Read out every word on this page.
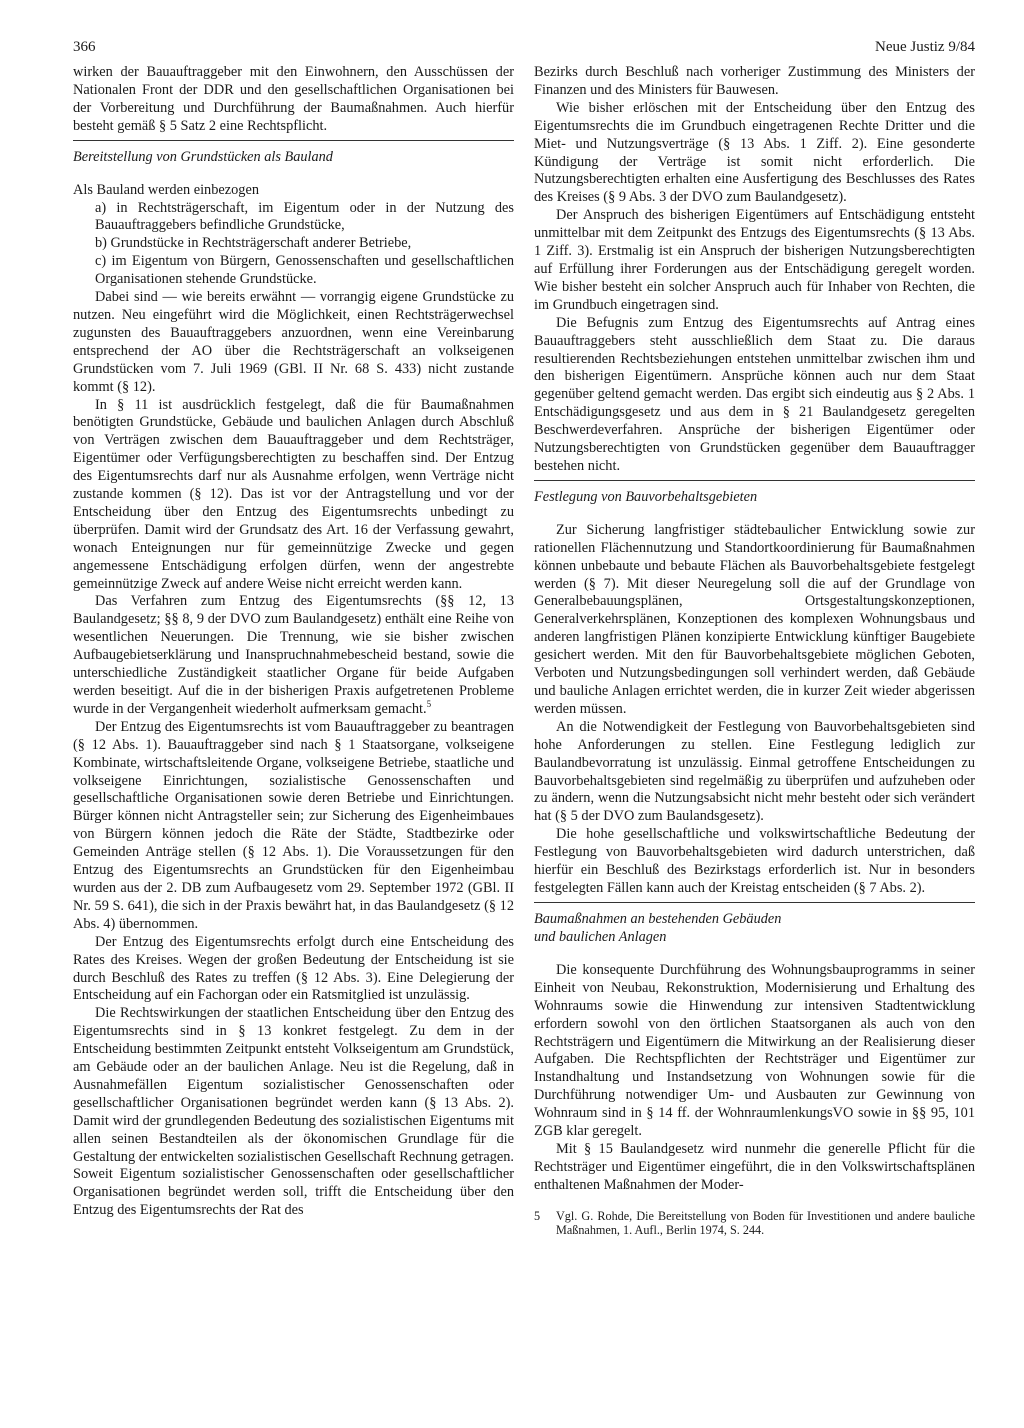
366	Neue Justiz 9/84

wirken der Bauauftraggeber mit den Einwohnern, den Ausschüssen der Nationalen Front der DDR und den gesellschaftlichen Organisationen bei der Vorbereitung und Durchführung der Baumaßnahmen. Auch hierfür besteht gemäß § 5 Satz 2 eine Rechtspflicht.

Bereitstellung von Grundstücken als Bauland

Als Bauland werden einbezogen

a) in Rechtsträgerschaft, im Eigentum oder in der Nutzung des Bauauftraggebers befindliche Grundstücke,

b) Grundstücke in Rechtsträgerschaft anderer Betriebe,

c) im Eigentum von Bürgern, Genossenschaften und gesellschaftlichen Organisationen stehende Grundstücke.

Dabei sind — wie bereits erwähnt — vorrangig eigene Grundstücke zu nutzen. Neu eingeführt wird die Möglichkeit, einen Rechtsträgerwechsel zugunsten des Bauauftraggebers anzuordnen, wenn eine Vereinbarung entsprechend der AO über die Rechtsträgerschaft an volkseigenen Grundstücken vom 7. Juli 1969 (GBl. II Nr. 68 S. 433) nicht zustande kommt (§ 12).

In § 11 ist ausdrücklich festgelegt, daß die für Baumaßnahmen benötigten Grundstücke, Gebäude und baulichen Anlagen durch Abschluß von Verträgen zwischen dem Bauauftraggeber und dem Rechtsträger, Eigentümer oder Verfügungsberechtigten zu beschaffen sind. Der Entzug des Eigentumsrechts darf nur als Ausnahme erfolgen, wenn Verträge nicht zustande kommen (§ 12). Das ist vor der Antragstellung und vor der Entscheidung über den Entzug des Eigentumsrechts unbedingt zu überprüfen. Damit wird der Grundsatz des Art. 16 der Verfassung gewahrt, wonach Enteignungen nur für gemeinnützige Zwecke und gegen angemessene Entschädigung erfolgen dürfen, wenn der angestrebte gemeinnützige Zweck auf andere Weise nicht erreicht werden kann.

Das Verfahren zum Entzug des Eigentumsrechts (§§ 12, 13 Baulandgesetz; §§ 8, 9 der DVO zum Baulandgesetz) enthält eine Reihe von wesentlichen Neuerungen. Die Trennung, wie sie bisher zwischen Aufbaugebietserklärung und Inanspruchnahmebescheid bestand, sowie die unterschiedliche Zuständigkeit staatlicher Organe für beide Aufgaben werden beseitigt. Auf die in der bisherigen Praxis aufgetretenen Probleme wurde in der Vergangenheit wiederholt aufmerksam gemacht.$^5$

Der Entzug des Eigentumsrechts ist vom Bauauftraggeber zu beantragen (§ 12 Abs. 1). Bauauftraggeber sind nach § 1 Staatsorgane, volkseigene Kombinate, wirtschaftsleitende Organe, volkseigene Betriebe, staatliche und volkseigene Einrichtungen, sozialistische Genossenschaften und gesellschaftliche Organisationen sowie deren Betriebe und Einrichtungen. Bürger können nicht Antragsteller sein; zur Sicherung des Eigenheimbaues von Bürgern können jedoch die Räte der Städte, Stadtbezirke oder Gemeinden Anträge stellen (§ 12 Abs. 1). Die Voraussetzungen für den Entzug des Eigentumsrechts an Grundstücken für den Eigenheimbau wurden aus der 2. DB zum Aufbaugesetz vom 29. September 1972 (GBl. II Nr. 59 S. 641), die sich in der Praxis bewährt hat, in das Baulandgesetz (§ 12 Abs. 4) übernommen.

Der Entzug des Eigentumsrechts erfolgt durch eine Entscheidung des Rates des Kreises. Wegen der großen Bedeutung der Entscheidung ist sie durch Beschluß des Rates zu treffen (§ 12 Abs. 3). Eine Delegierung der Entscheidung auf ein Fachorgan oder ein Ratsmitglied ist unzulässig.

Die Rechtswirkungen der staatlichen Entscheidung über den Entzug des Eigentumsrechts sind in § 13 konkret festgelegt. Zu dem in der Entscheidung bestimmten Zeitpunkt entsteht Volkseigentum am Grundstück, am Gebäude oder an der baulichen Anlage. Neu ist die Regelung, daß in Ausnahmefällen Eigentum sozialistischer Genossenschaften oder gesellschaftlicher Organisationen begründet werden kann (§ 13 Abs. 2). Damit wird der grundlegenden Bedeutung des sozialistischen Eigentums mit allen seinen Bestandteilen als der ökonomischen Grundlage für die Gestaltung der entwickelten sozialistischen Gesellschaft Rechnung getragen. Soweit Eigentum sozialistischer Genossenschaften oder gesellschaftlicher Organisationen begründet werden soll, trifft die Entscheidung über den Entzug des Eigentumsrechts der Rat des

Bezirks durch Beschluß nach vorheriger Zustimmung des Ministers der Finanzen und des Ministers für Bauwesen.

Wie bisher erlöschen mit der Entscheidung über den Entzug des Eigentumsrechts die im Grundbuch eingetragenen Rechte Dritter und die Miet- und Nutzungsverträge (§ 13 Abs. 1 Ziff. 2). Eine gesonderte Kündigung der Verträge ist somit nicht erforderlich. Die Nutzungsberechtigten erhalten eine Ausfertigung des Beschlusses des Rates des Kreises (§ 9 Abs. 3 der DVO zum Baulandgesetz).

Der Anspruch des bisherigen Eigentümers auf Entschädigung entsteht unmittelbar mit dem Zeitpunkt des Entzugs des Eigentumsrechts (§ 13 Abs. 1 Ziff. 3). Erstmalig ist ein Anspruch der bisherigen Nutzungsberechtigten auf Erfüllung ihrer Forderungen aus der Entschädigung geregelt worden. Wie bisher besteht ein solcher Anspruch auch für Inhaber von Rechten, die im Grundbuch eingetragen sind.

Die Befugnis zum Entzug des Eigentumsrechts auf Antrag eines Bauauftraggebers steht ausschließlich dem Staat zu. Die daraus resultierenden Rechtsbeziehungen entstehen unmittelbar zwischen ihm und den bisherigen Eigentümern. Ansprüche können auch nur dem Staat gegenüber geltend gemacht werden. Das ergibt sich eindeutig aus § 2 Abs. 1 Entschädigungsgesetz und aus dem in § 21 Baulandgesetz geregelten Beschwerdeverfahren. Ansprüche der bisherigen Eigentümer oder Nutzungsberechtigten von Grundstücken gegenüber dem Bauauftragger bestehen nicht.

Festlegung von Bauvorbehaltsgebieten

Zur Sicherung langfristiger städtebaulicher Entwicklung sowie zur rationellen Flächennutzung und Standortkoordinierung für Baumaßnahmen können unbebaute und bebaute Flächen als Bauvorbehaltsgebiete festgelegt werden (§ 7). Mit dieser Neuregelung soll die auf der Grundlage von Generalbebauungsplänen, Ortsgestaltungskonzeptionen, Generalverkehrsplänen, Konzeptionen des komplexen Wohnungsbaus und anderen langfristigen Plänen konzipierte Entwicklung künftiger Baugebiete gesichert werden. Mit den für Bauvorbehaltsgebiete möglichen Geboten, Verboten und Nutzungsbedingungen soll verhindert werden, daß Gebäude und bauliche Anlagen errichtet werden, die in kurzer Zeit wieder abgerissen werden müssen.

An die Notwendigkeit der Festlegung von Bauvorbehaltsgebieten sind hohe Anforderungen zu stellen. Eine Festlegung lediglich zur Baulandbevorratung ist unzulässig. Einmal getroffene Entscheidungen zu Bauvorbehaltsgebieten sind regelmäßig zu überprüfen und aufzuheben oder zu ändern, wenn die Nutzungsabsicht nicht mehr besteht oder sich verändert hat (§ 5 der DVO zum Baulandsgesetz).

Die hohe gesellschaftliche und volkswirtschaftliche Bedeutung der Festlegung von Bauvorbehaltsgebieten wird dadurch unterstrichen, daß hierfür ein Beschluß des Bezirkstags erforderlich ist. Nur in besonders festgelegten Fällen kann auch der Kreistag entscheiden (§ 7 Abs. 2).

Baumaßnahmen an bestehenden Gebäuden
und baulichen Anlagen

Die konsequente Durchführung des Wohnungsbauprogramms in seiner Einheit von Neubau, Rekonstruktion, Modernisierung und Erhaltung des Wohnraums sowie die Hinwendung zur intensiven Stadtentwicklung erfordern sowohl von den örtlichen Staatsorganen als auch von den Rechtsträgern und Eigentümern die Mitwirkung an der Realisierung dieser Aufgaben. Die Rechtspflichten der Rechtsträger und Eigentümer zur Instandhaltung und Instandsetzung von Wohnungen sowie für die Durchführung notwendiger Um- und Ausbauten zur Gewinnung von Wohnraum sind in § 14 ff. der WohnraumlenkungsVO sowie in §§ 95, 101 ZGB klar geregelt.

Mit § 15 Baulandgesetz wird nunmehr die generelle Pflicht für die Rechtsträger und Eigentümer eingeführt, die in den Volkswirtschaftsplänen enthaltenen Maßnahmen der Moder-

5	Vgl. G. Rohde, Die Bereitstellung von Boden für Investitionen und andere bauliche Maßnahmen, 1. Aufl., Berlin 1974, S. 244.
